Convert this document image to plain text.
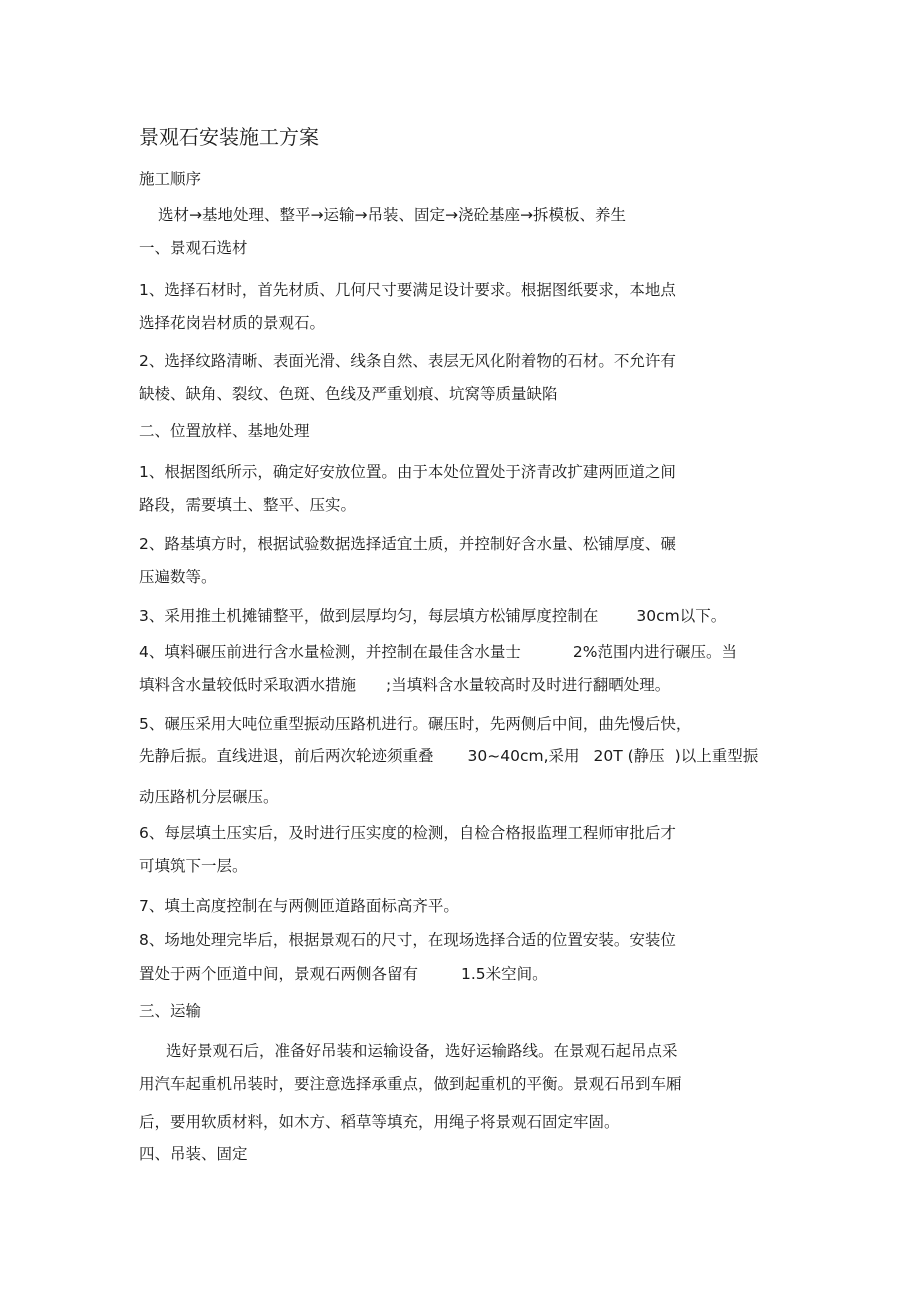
景观石安装施工方案
施工顺序
选材→基地处理、整平→运输→吊装、固定→浇砼基座→拆模板、养生
一、景观石选材
1、选择石材时，首先材质、几何尺寸要满足设计要求。根据图纸要求，本地点
选择花岗岩材质的景观石。
2、选择纹路清晰、表面光滑、线条自然、表层无风化附着物的石材。不允许有
缺棱、缺角、裂纹、色斑、色线及严重划痕、坑窝等质量缺陷
二、位置放样、基地处理
1、根据图纸所示，确定好安放位置。由于本处位置处于济青改扩建两匝道之间
路段，需要填土、整平、压实。
2、路基填方时，根据试验数据选择适宜土质，并控制好含水量、松铺厚度、碾
压遍数等。
3、采用推土机摊铺整平，做到层厚均匀，每层填方松铺厚度控制在 30cm以下。
4、填料碾压前进行含水量检测，并控制在最佳含水量士	2%范围内进行碾压。当
填料含水量较低时采取洒水措施 ;当填料含水量较高时及时进行翻晒处理。
5、碾压采用大吨位重型振动压路机进行。碾压时，先两侧后中间，曲先慢后快，
先静后振。直线进退，前后两次轮迹须重叠 30~40cm,采用 20T (静压 )以上重型振
动压路机分层碾压。
6、每层填土压实后，及时进行压实度的检测，自检合格报监理工程师审批后才
可填筑下一层。
7、填土高度控制在与两侧匝道路面标高齐平。
8、场地处理完毕后，根据景观石的尺寸，在现场选择合适的位置安装。安装位
置处于两个匝道中间，景观石两侧各留有	1.5米空间。
三、运输
选好景观石后，准备好吊装和运输设备，选好运输路线。在景观石起吊点采
用汽车起重机吊装时，要注意选择承重点，做到起重机的平衡。景观石吊到车厢
后，要用软质材料，如木方、稻草等填充，用绳子将景观石固定牢固。
四、吊装、固定
